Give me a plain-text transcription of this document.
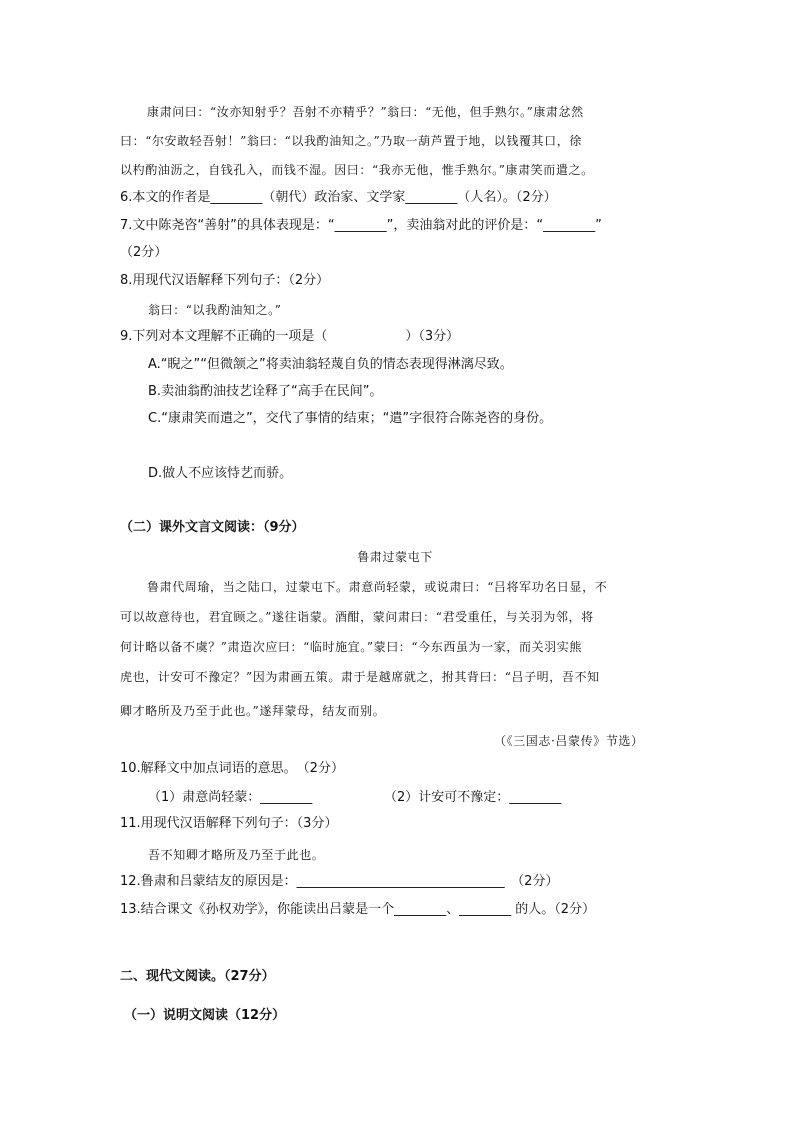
康肃问曰：“汝亦知射乎？吾射不亦精乎？”翁曰：“无他，但手熟尔。”康肃忿然
曰：“尔安敢轻吾射！”翁曰：“以我酌油知之。”乃取一葫芦置于地，以钱覆其口，徐
以杓酌油沥之，自钱孔入，而钱不湿。因曰：“我亦无他，惟手熟尔。”康肃笑而遣之。
6.本文的作者是________（朝代）政治家、文学家________（人名）。（2分）
7.文中陈尧咨“善射”的具体表现是：“________”，卖油翁对此的评价是：“________”
（2分）
8.用现代汉语解释下列句子：（2分）
翁曰：“以我酌油知之。”
9.下列对本文理解不正确的一项是（　　　　　　）（3分）
A.“睨之”“但微颔之”将卖油翁轻蔑自负的情态表现得淋漓尽致。
B.卖油翁酌油技艺诠释了“高手在民间”。
C.“康肃笑而遣之”，交代了事情的结束；“遣”字很符合陈尧咨的身份。
D.做人不应该恃艺而骄。
（二）课外文言文阅读：（9分）
鲁肃过蒙屯下
鲁肃代周瑜，当之陆口，过蒙屯下。肃意尚轻蒙，或说肃曰：“吕将军功名日显，不
可以故意待也，君宜顾之。”遂往诣蒙。酒酣，蒙问肃曰：“君受重任，与关羽为邻，将
何计略以备不虞？”肃造次应曰：“临时施宜。”蒙曰：“今东西虽为一家，而关羽实熊
虎也，计安可不豫定？”因为肃画五策。肃于是越席就之，拊其背曰：“吕子明，吾不知
卿才略所及乃至于此也。”遂拜蒙母，结友而别。
（《三国志·吕蒙传》节选）
10.解释文中加点词语的意思。　（2分）
（1）肃意尚轻蒙：________	（2）计安可不豫定：________
11.用现代汉语解释下列句子：（3分）
吾不知卿才略所及乃至于此也。
12.鲁肃和吕蒙结友的原因是：________________________________　（2分）
13.结合课文《孙权劝学》，你能读出吕蒙是一个________、________ 的人。（2分）
二、现代文阅读。（27分）
（一）说明文阅读（12分）
